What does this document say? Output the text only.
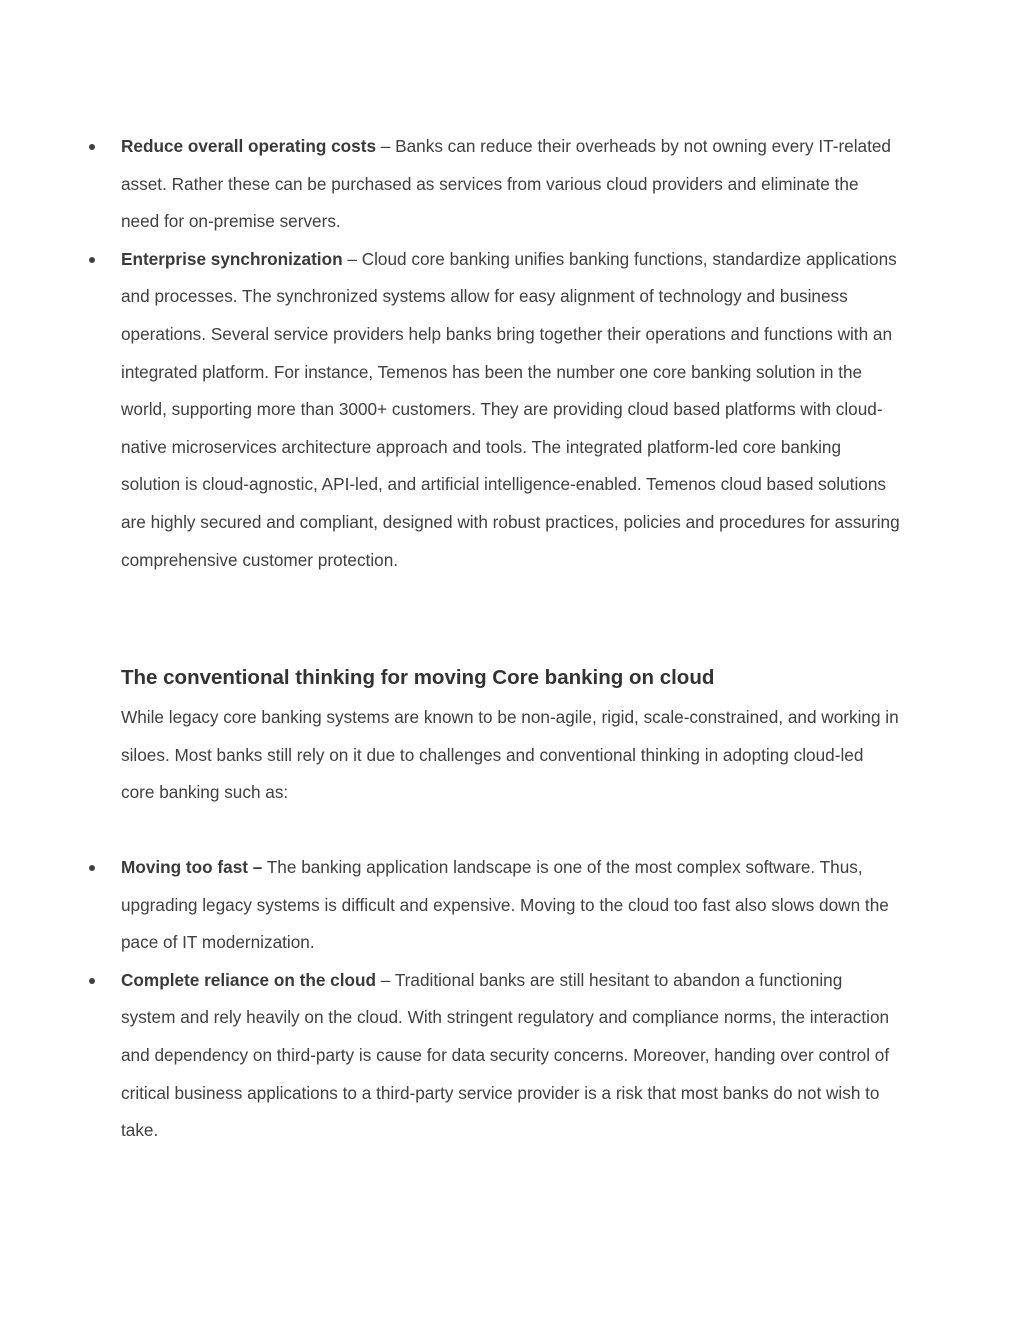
Reduce overall operating costs – Banks can reduce their overheads by not owning every IT-related asset. Rather these can be purchased as services from various cloud providers and eliminate the need for on-premise servers.
Enterprise synchronization – Cloud core banking unifies banking functions, standardize applications and processes. The synchronized systems allow for easy alignment of technology and business operations. Several service providers help banks bring together their operations and functions with an integrated platform. For instance, Temenos has been the number one core banking solution in the world, supporting more than 3000+ customers. They are providing cloud based platforms with cloud-native microservices architecture approach and tools. The integrated platform-led core banking solution is cloud-agnostic, API-led, and artificial intelligence-enabled. Temenos cloud based solutions are highly secured and compliant, designed with robust practices, policies and procedures for assuring comprehensive customer protection.
The conventional thinking for moving Core banking on cloud

While legacy core banking systems are known to be non-agile, rigid, scale-constrained, and working in siloes. Most banks still rely on it due to challenges and conventional thinking in adopting cloud-led core banking such as:

Moving too fast – The banking application landscape is one of the most complex software. Thus, upgrading legacy systems is difficult and expensive. Moving to the cloud too fast also slows down the pace of IT modernization.
Complete reliance on the cloud – Traditional banks are still hesitant to abandon a functioning system and rely heavily on the cloud. With stringent regulatory and compliance norms, the interaction and dependency on third-party is cause for data security concerns. Moreover, handing over control of critical business applications to a third-party service provider is a risk that most banks do not wish to take.
